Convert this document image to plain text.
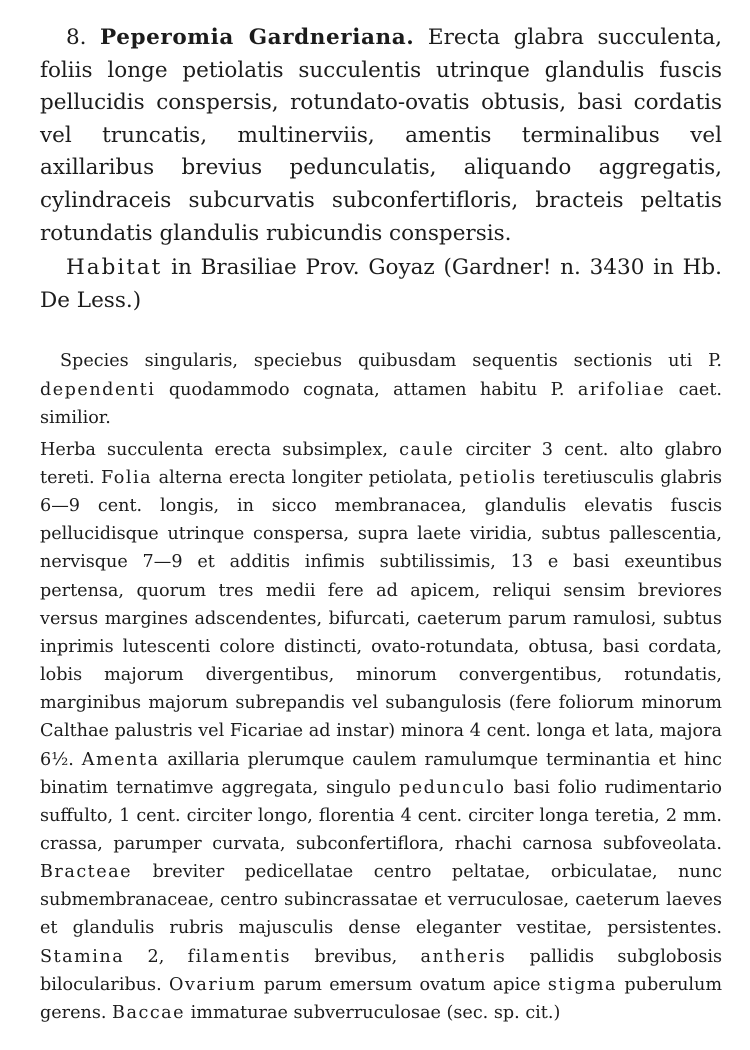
8. Peperomia Gardneriana. Erecta glabra succulenta, foliis longe petiolatis succulentis utrinque glandulis fuscis pellucidis conspersis, rotundato-ovatis obtusis, basi cordatis vel truncatis, multinerviis, amentis terminalibus vel axillaribus brevius pedunculatis, aliquando aggregatis, cylindraceis subcurvatis subconfertifloris, bracteis peltatis rotundatis glandulis rubicundis conspersis.

Habitat in Brasiliae Prov. Goyaz (Gardner! n. 3430 in Hb. De Less.)

Species singularis, speciebus quibusdam sequentis sectionis uti P. dependenti quodammodo cognata, attamen habitu P. arifoliae caet. similior.

Herba succulenta erecta subsimplex, caule circiter 3 cent. alto glabro tereti. Folia alterna erecta longiter petiolata, petiolis teretiusculis glabris 6—9 cent. longis, in sicco membranacea, glandulis elevatis fuscis pellucidisque utrinque conspersa, supra laete viridia, subtus pallescentia, nervisque 7—9 et additis infimis subtilissimis, 13 e basi exeuntibus pertensa, quorum tres medii fere ad apicem, reliqui sensim breviores versus margines adscendentes, bifurcati, caeterum parum ramulosi, subtus inprimis lutescenti colore distincti, ovato-rotundata, obtusa, basi cordata, lobis majorum divergentibus, minorum convergentibus, rotundatis, marginibus majorum subrepandis vel subangulosis (fere foliorum minorum Calthae palustris vel Ficariae ad instar) minora 4 cent. longa et lata, majora 6½. Amenta axillaria plerumque caulem ramulumque terminantia et hinc binatim ternatimve aggregata, singulo pedunculo basi folio rudimentario suffulto, 1 cent. circiter longo, florentia 4 cent. circiter longa teretia, 2 mm. crassa, parumper curvata, subconfertiflora, rhachi carnosa subfoveolata. Bracteae breviter pedicellatae centro peltatae, orbiculatae, nunc submembranaceae, centro subincrassatae et verruculosae, caeterum laeves et glandulis rubris majusculis dense eleganter vestitae, persistentes. Stamina 2, filamentis brevibus, antheris pallidis subglobosis bilocularibus. Ovarium parum emersum ovatum apice stigma puberulum gerens. Baccae immaturae subverruculosae (sec. sp. cit.)
